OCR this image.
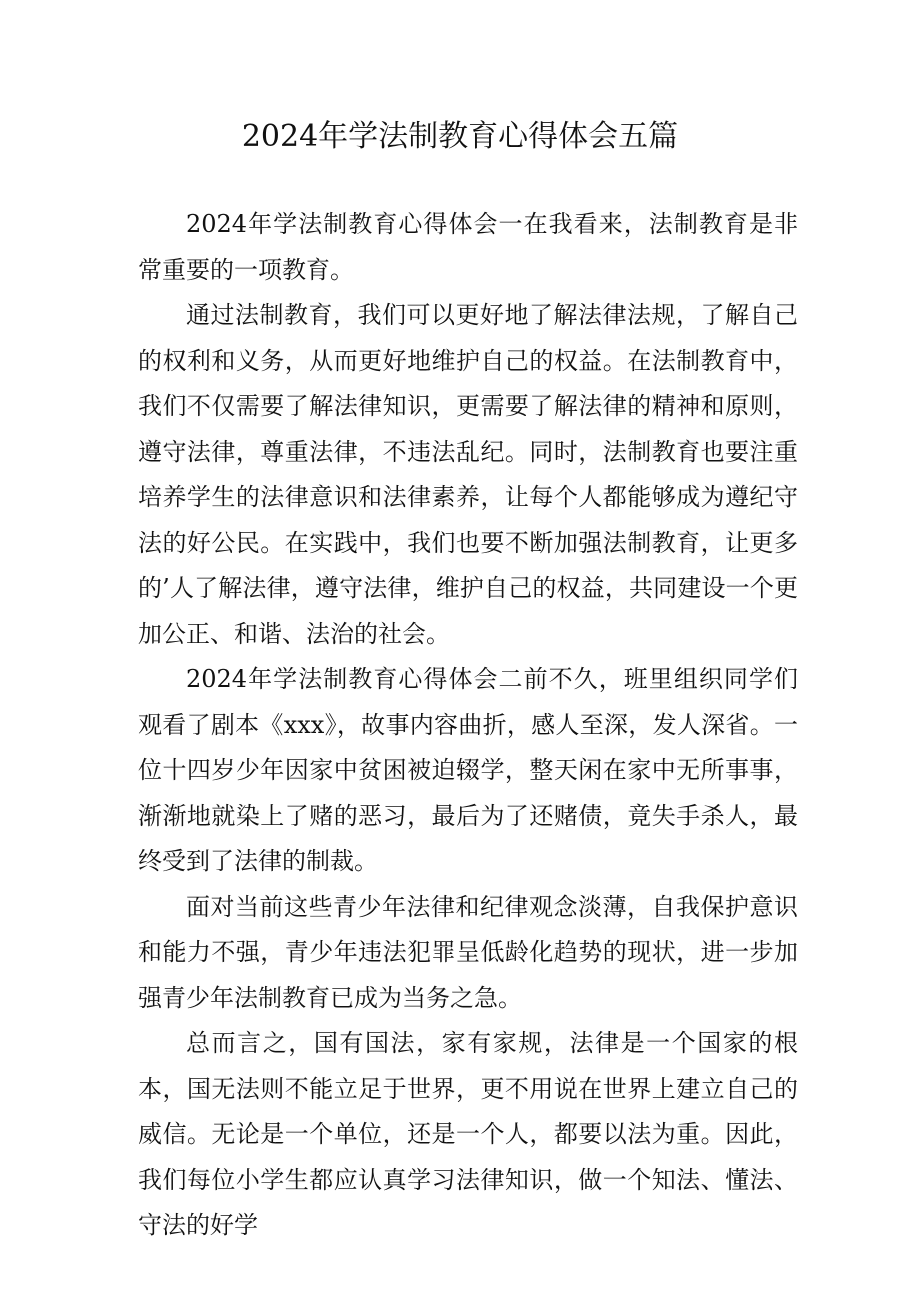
2024年学法制教育心得体会五篇

2024年学法制教育心得体会一在我看来，法制教育是非常重要的一项教育。

通过法制教育，我们可以更好地了解法律法规，了解自己的权利和义务，从而更好地维护自己的权益。在法制教育中，我们不仅需要了解法律知识，更需要了解法律的精神和原则，遵守法律，尊重法律，不违法乱纪。同时，法制教育也要注重培养学生的法律意识和法律素养，让每个人都能够成为遵纪守法的好公民。在实践中，我们也要不断加强法制教育，让更多的’人了解法律，遵守法律，维护自己的权益，共同建设一个更加公正、和谐、法治的社会。

2024年学法制教育心得体会二前不久，班里组织同学们观看了剧本《xxx》，故事内容曲折，感人至深，发人深省。一位十四岁少年因家中贫困被迫辍学，整天闲在家中无所事事，渐渐地就染上了赌的恶习，最后为了还赌债，竟失手杀人，最终受到了法律的制裁。

面对当前这些青少年法律和纪律观念淡薄，自我保护意识和能力不强，青少年违法犯罪呈低龄化趋势的现状，进一步加强青少年法制教育已成为当务之急。

总而言之，国有国法，家有家规，法律是一个国家的根本，国无法则不能立足于世界，更不用说在世界上建立自己的威信。无论是一个单位，还是一个人，都要以法为重。因此，我们每位小学生都应认真学习法律知识，做一个知法、懂法、守法的好学
